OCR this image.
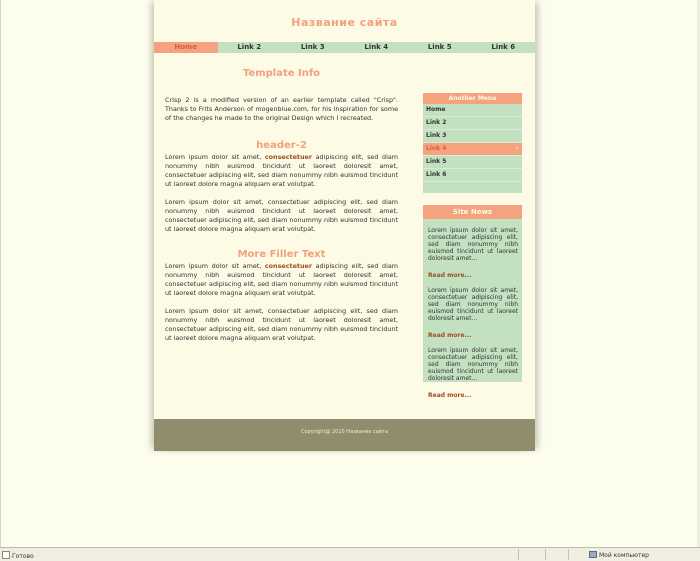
Название сайта
Home	Link 2	Link 3	Link 4	Link 5	Link 6
Template Info

Crisp 2 is a modified version of an earlier template called "Crisp". Thanks to Frits Anderson of mogenblue.com, for his inspiration for some of the changes he made to the original Design which I recreated.

header-2

Lorem ipsum dolor sit amet, consectetuer adipiscing elit, sed diam nonummy nibh euismod tincidunt ut laoreet doloresit amet, consectetuer adipiscing elit, sed diam nonummy nibh euismod tincidunt ut laoreet dolore magna aliquam erat volutpat.

Lorem ipsum dolor sit amet, consectetuer adipiscing elit, sed diam nonummy nibh euismod tincidunt ut laoreet doloresit amet, consectetuer adipiscing elit, sed diam nonummy nibh euismod tincidunt ut laoreet dolore magna aliquam erat volutpat.

More Filler Text

Lorem ipsum dolor sit amet, consectetuer adipiscing elit, sed diam nonummy nibh euismod tincidunt ut laoreet doloresit amet, consectetuer adipiscing elit, sed diam nonummy nibh euismod tincidunt ut laoreet dolore magna aliquam erat volutpat.

Lorem ipsum dolor sit amet, consectetuer adipiscing elit, sed diam nonummy nibh euismod tincidunt ut laoreet doloresit amet, consectetuer adipiscing elit, sed diam nonummy nibh euismod tincidunt ut laoreet dolore magna aliquam erat volutpat.

Another Menu
Home
Link 2
Link 3
Link 4 ›
Link 5
Link 6
Site News

Lorem ipsum dolor sit amet, consectetuer adipiscing elit, sed diam nonummy nibh euismod tincidunt ut laoreet doloresit amet...

Read more...

Lorem ipsum dolor sit amet, consectetuer adipiscing elit, sed diam nonummy nibh euismod tincidunt ut laoreet doloresit amet...

Read more...

Lorem ipsum dolor sit amet, consectetuer adipiscing elit, sed diam nonummy nibh euismod tincidunt ut laoreet doloresit amet...

Read more...
Copyright@ 2010 Название сайта
Готово	Мой компьютер
